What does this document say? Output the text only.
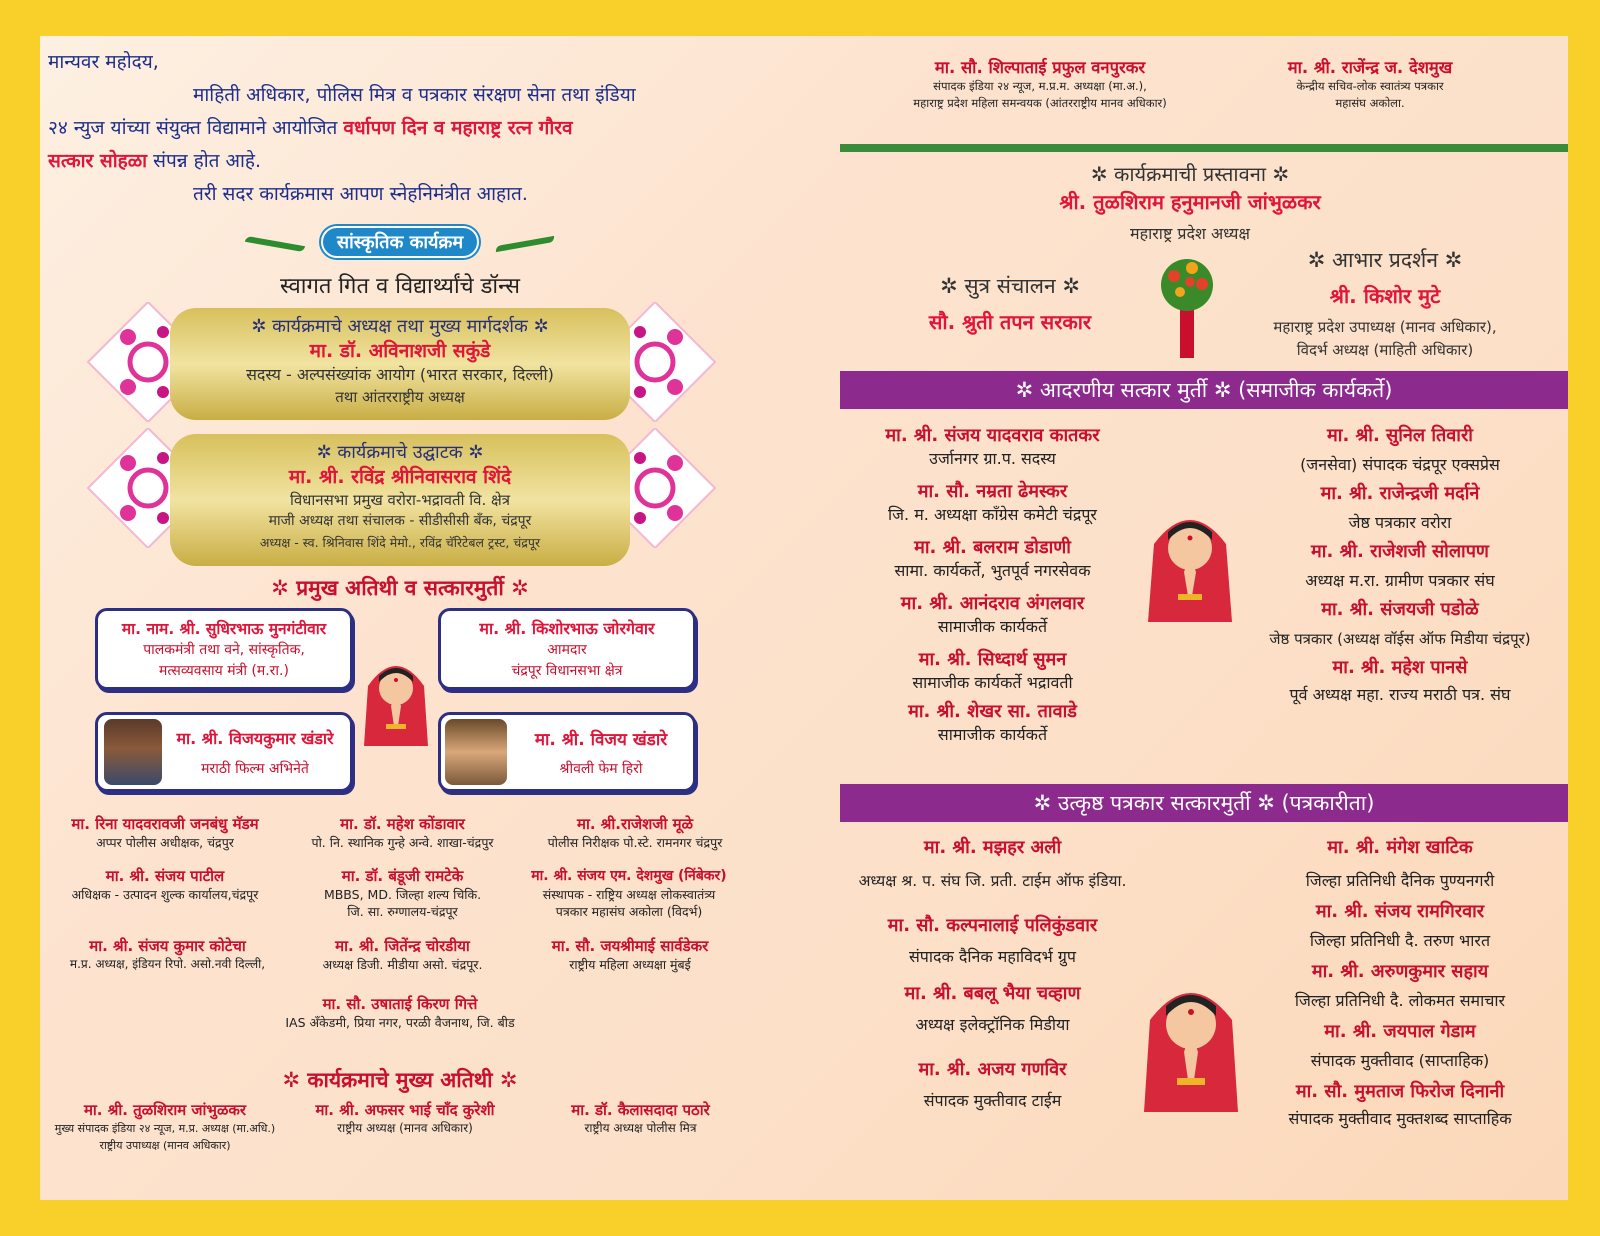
मान्यवर महोदय,
माहिती अधिकार, पोलिस मित्र व पत्रकार संरक्षण सेना तथा इंडिया
२४ न्युज यांच्या संयुक्त विद्यामाने आयोजित वर्धापण दिन व महाराष्ट्र रत्न गौरव
सत्कार सोहळा संपन्न होत आहे.
तरी सदर कार्यक्रमास आपण स्नेहनिमंत्रीत आहात.
सांस्कृतिक कार्यक्रम
स्वागत गित व विद्यार्थ्यांचे डॉन्स
✲ कार्यक्रमाचे अध्यक्ष तथा मुख्य मार्गदर्शक ✲
मा. डॉ. अविनाशजी सकुंडे
सदस्य - अल्पसंख्यांक आयोग (भारत सरकार, दिल्ली)
तथा आंतरराष्ट्रीय अध्यक्ष
✲ कार्यक्रमाचे उद्घाटक ✲
मा. श्री. रविंद्र श्रीनिवासराव शिंदे
विधानसभा प्रमुख वरोरा-भद्रावती वि. क्षेत्र
माजी अध्यक्ष तथा संचालक - सीडीसीसी बँक, चंद्रपूर
अध्यक्ष - स्व. श्रिनिवास शिंदे मेमो., रविंद्र चॅरिटेबल ट्रस्ट, चंद्रपूर
✲ प्रमुख अतिथी व सत्कारमुर्ती ✲
मा. नाम. श्री. सुधिरभाऊ मुनगंटीवार
पालकमंत्री तथा वने, सांस्कृतिक,
मत्सव्यवसाय मंत्री (म.रा.)
मा. श्री. किशोरभाऊ जोरगेवार
आमदार
चंद्रपूर विधानसभा क्षेत्र
मा. श्री. विजयकुमार खंडारे
मराठी फिल्म अभिनेते
मा. श्री. विजय खंडारे
श्रीवली फेम हिरो
मा. रिना यादवरावजी जनबंधु मॅडम
अप्पर पोलीस अधीक्षक, चंद्रपुर
मा. डॉ. महेश कोंडावार
पो. नि. स्थानिक गुन्हे अन्वे. शाखा-चंद्रपुर
मा. श्री.राजेशजी मूळे
पोलीस निरीक्षक पो.स्टे. रामनगर चंद्रपुर
मा. श्री. संजय पाटील
अधिक्षक - उत्पादन शुल्क कार्यालय,चंद्रपूर
मा. डॉ. बंडूजी रामटेके
MBBS, MD. जिल्हा शल्य चिकि.
जि. सा. रुग्णालय-चंद्रपूर
मा. श्री. संजय एम. देशमुख (निंबेकर)
संस्थापक - राष्ट्रिय अध्यक्ष लोकस्वातंत्र्य
पत्रकार महासंघ अकोला (विदर्भ)
मा. श्री. संजय कुमार कोटेचा
म.प्र. अध्यक्ष, इंडियन रिपो. असो.नवी दिल्ली,
मा. श्री. जितेंन्द्र चोरडीया
अध्यक्ष डिजी. मीडीया असो. चंद्रपूर.
मा. सौ. जयश्रीमाई सार्वडेकर
राष्ट्रीय महिला अध्यक्षा मुंबई
मा. सौ. उषाताई किरण गित्ते
IAS अँकेडमी, प्रिया नगर, परळी वैजनाथ, जि. बीड
✲ कार्यक्रमाचे मुख्य अतिथी ✲
मा. श्री. तुळशिराम जांभुळकर
मुख्य संपादक इंडिया २४ न्यूज, म.प्र. अध्यक्ष (मा.अधि.)
राष्ट्रीय उपाध्यक्ष (मानव अधिकार)
मा. श्री. अफसर भाई चॉंद कुरेशी
राष्ट्रीय अध्यक्ष (मानव अधिकार)
मा. डॉ. कैलासदादा पठारे
राष्ट्रीय अध्यक्ष पोलीस मित्र
मा. सौ. शिल्पाताई प्रफुल वनपुरकर
संपादक इंडिया २४ न्यूज, म.प्र.म. अध्यक्षा (मा.अ.),
महाराष्ट्र प्रदेश महिला समन्वयक (आंतरराष्ट्रीय मानव अधिकार)
मा. श्री. राजेंन्द्र ज. देशमुख
केन्द्रीय सचिव-लोक स्वातंत्र्य पत्रकार
महासंघ अकोला.
✲ कार्यक्रमाची प्रस्तावना ✲
श्री. तुळशिराम हनुमानजी जांभुळकर
महाराष्ट्र प्रदेश अध्यक्ष
✲ सुत्र संचालन ✲
सौ. श्रुती तपन सरकार
✲ आभार प्रदर्शन ✲
श्री. किशोर मुटे
महाराष्ट्र प्रदेश उपाध्यक्ष (मानव अधिकार),
विदर्भ अध्यक्ष (माहिती अधिकार)
✲ आदरणीय सत्कार मुर्ती ✲ (समाजीक कार्यकर्ते)
मा. श्री. संजय यादवराव कातकर
उर्जानगर ग्रा.प. सदस्य
मा. सौ. नम्रता ढेमस्कर
जि. म. अध्यक्षा कॉंग्रेस कमेटी चंद्रपूर
मा. श्री. बलराम डोडाणी
सामा. कार्यकर्ते, भुतपूर्व नगरसेवक
मा. श्री. आनंदराव अंगलवार
सामाजीक कार्यकर्ते
मा. श्री. सिध्दार्थ सुमन
सामाजीक कार्यकर्ते भद्रावती
मा. श्री. शेखर सा. तावाडे
सामाजीक कार्यकर्ते
मा. श्री. सुनिल तिवारी
(जनसेवा) संपादक चंद्रपूर एक्सप्रेस
मा. श्री. राजेन्द्रजी मर्दाने
जेष्ठ पत्रकार वरोरा
मा. श्री. राजेशजी सोलापण
अध्यक्ष म.रा. ग्रामीण पत्रकार संघ
मा. श्री. संजयजी पडोळे
जेष्ठ पत्रकार (अध्यक्ष वॉईस ऑफ मिडीया चंद्रपूर)
मा. श्री. महेश पानसे
पूर्व अध्यक्ष महा. राज्य मराठी पत्र. संघ
✲ उत्कृष्ठ पत्रकार सत्कारमुर्ती ✲ (पत्रकारीता)
मा. श्री. मझहर अली
अध्यक्ष श्र. प. संघ जि. प्रती. टाईम ऑफ इंडिया.
मा. सौ. कल्पनालाई पलिकुंडवार
संपादक दैनिक महाविदर्भ ग्रुप
मा. श्री. बबलू भैया चव्हाण
अध्यक्ष इलेक्ट्रॉनिक मिडीया
मा. श्री. अजय गणविर
संपादक मुक्तीवाद टाईम
मा. श्री. मंगेश खाटिक
जिल्हा प्रतिनिधी दैनिक पुण्यनगरी
मा. श्री. संजय रामगिरवार
जिल्हा प्रतिनिधी दै. तरुण भारत
मा. श्री. अरुणकुमार सहाय
जिल्हा प्रतिनिधी दै. लोकमत समाचार
मा. श्री. जयपाल गेडाम
संपादक मुक्तीवाद (साप्ताहिक)
मा. सौ. मुमताज फिरोज दिनानी
संपादक मुक्तीवाद मुक्तशब्द साप्ताहिक
